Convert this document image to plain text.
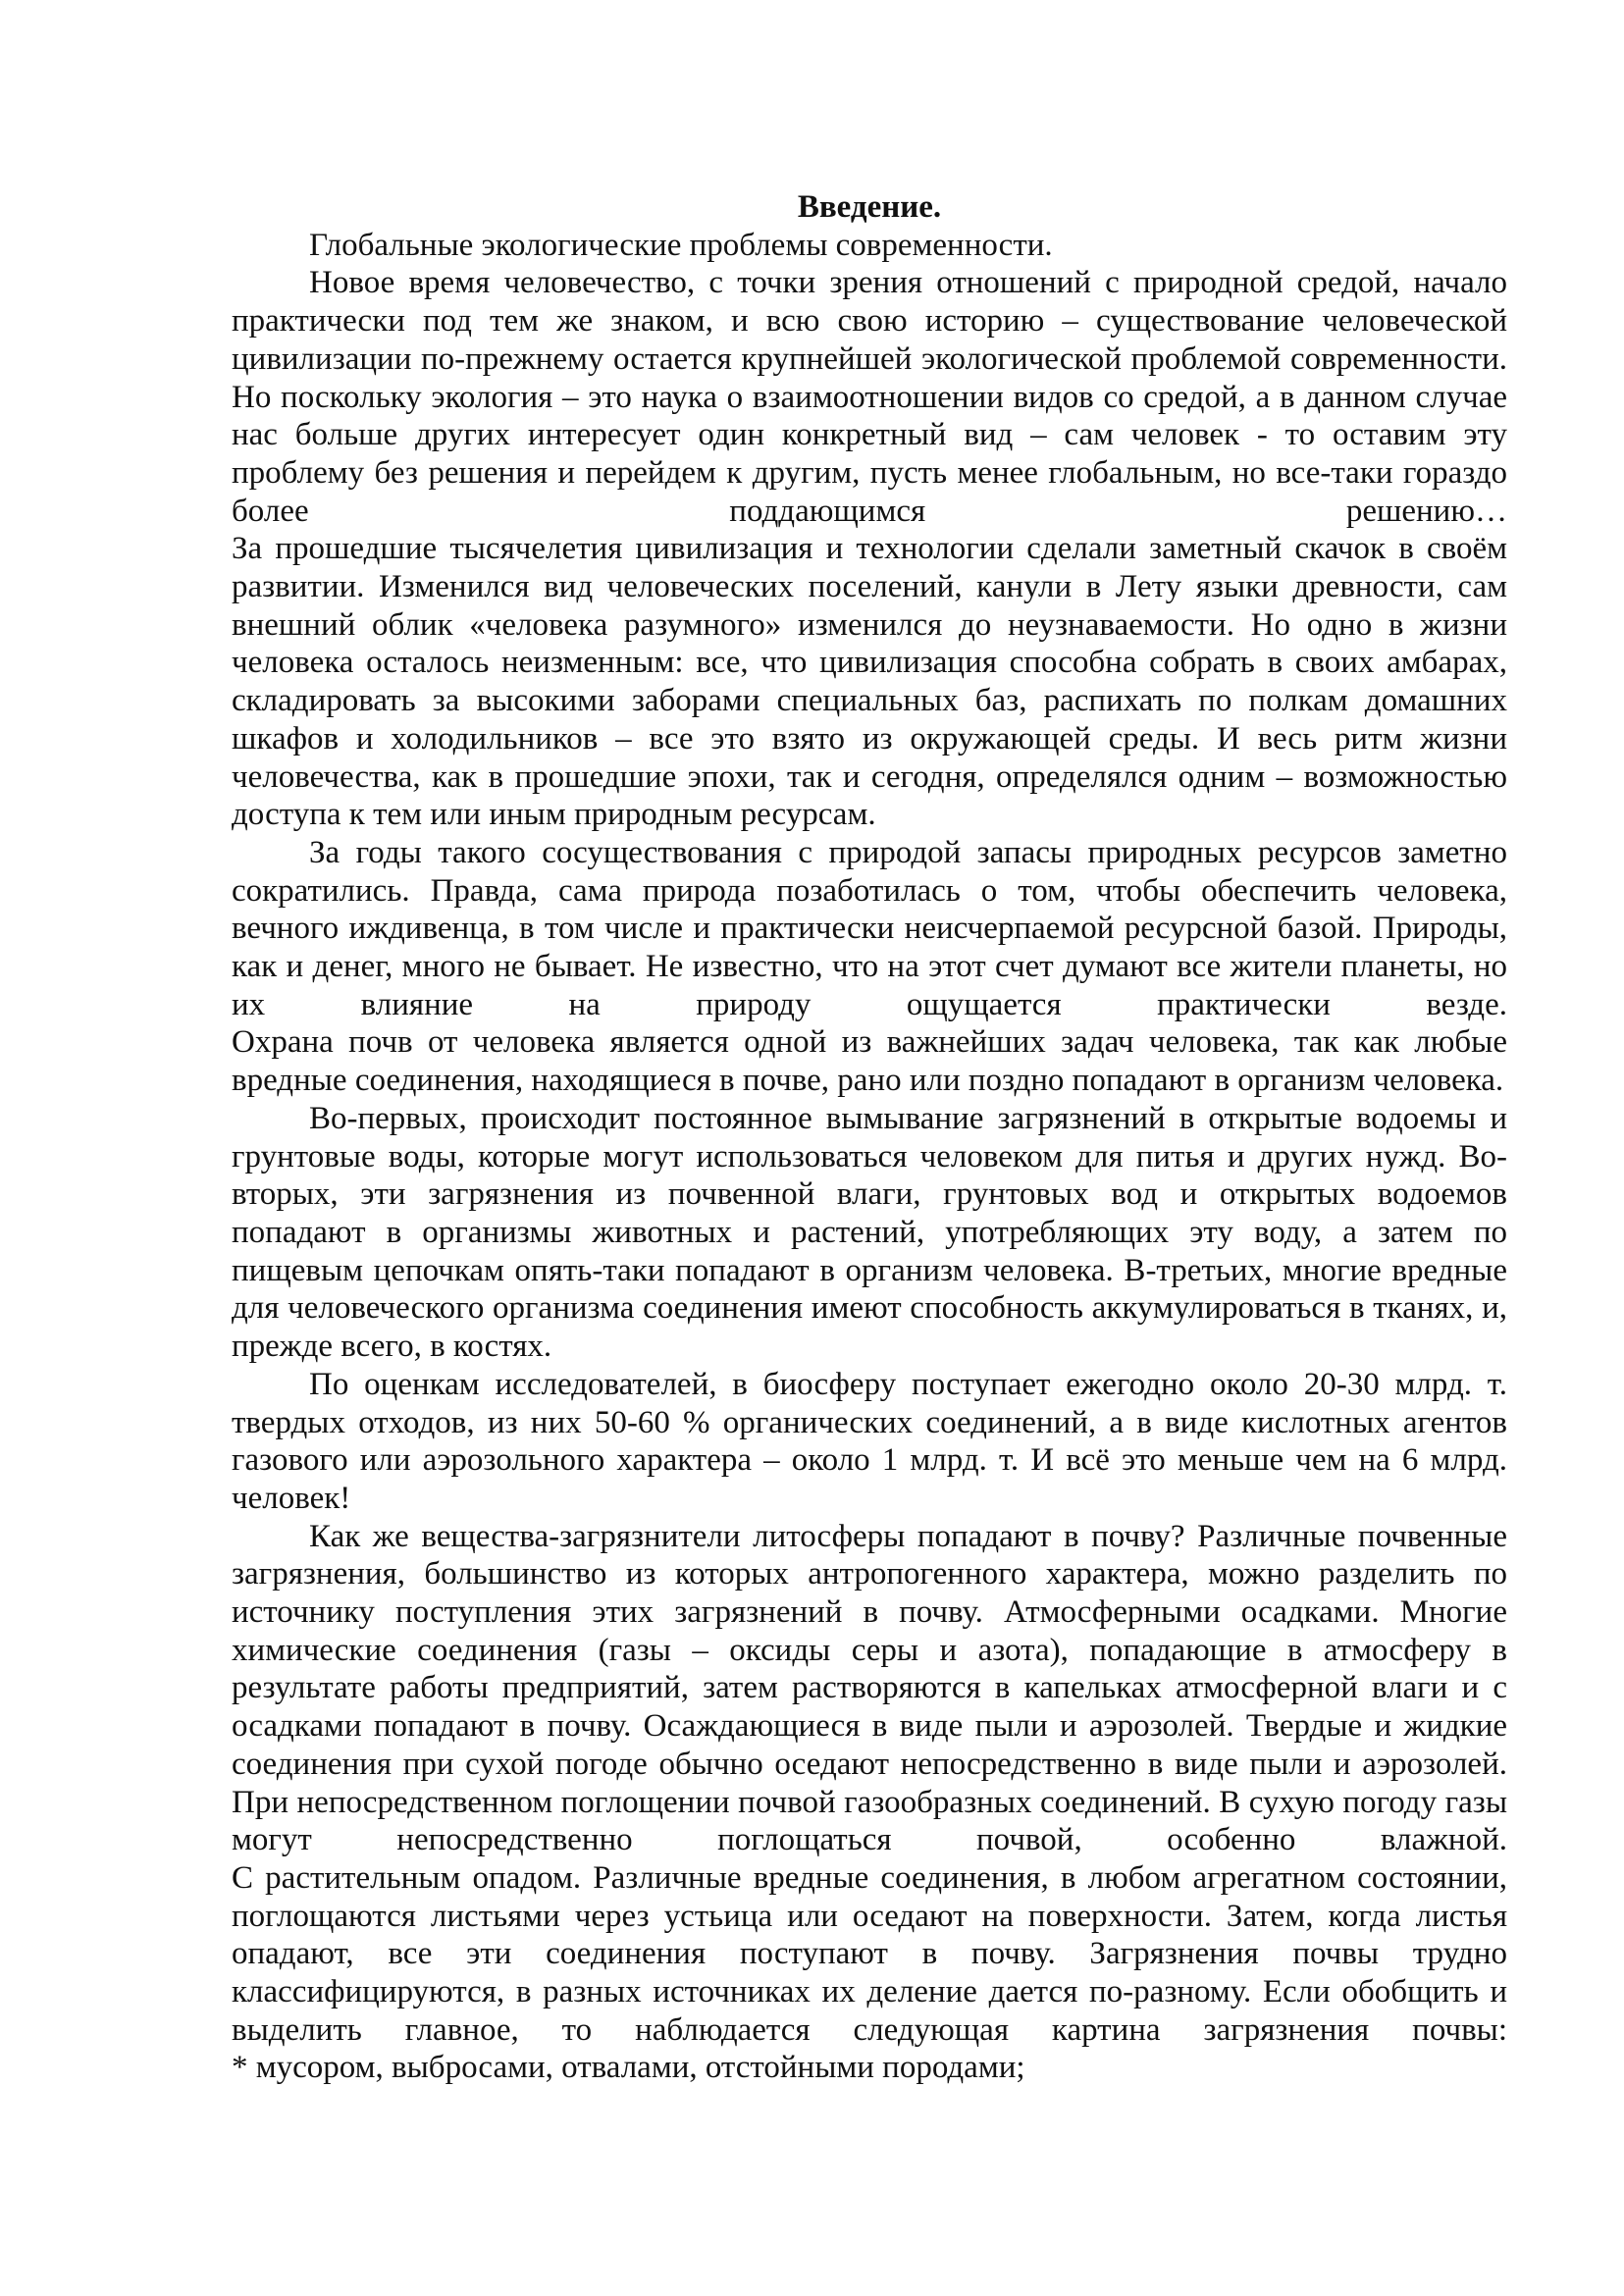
Введение.

Глобальные экологические проблемы современности.

Новое время человечество, с точки зрения отношений с природной средой, начало практически под тем же знаком, и всю свою историю – существование человеческой цивилизации по-прежнему остается крупнейшей экологической проблемой современности. Но поскольку экология – это наука о взаимоотношении видов со средой, а в данном случае нас больше других интересует один конкретный вид – сам человек - то оставим эту проблему без решения и перейдем к другим, пусть менее глобальным, но все-таки гораздо более поддающимся решению…

За прошедшие тысячелетия цивилизация и технологии сделали заметный скачок в своём развитии. Изменился вид человеческих поселений, канули в Лету языки древности, сам внешний облик «человека разумного» изменился до неузнаваемости. Но одно в жизни человека осталось неизменным: все, что цивилизация способна собрать в своих амбарах, складировать за высокими заборами специальных баз, распихать по полкам домашних шкафов и холодильников – все это взято из окружающей среды. И весь ритм жизни человечества, как в прошедшие эпохи, так и сегодня, определялся одним – возможностью доступа к тем или иным природным ресурсам.

За годы такого сосуществования с природой запасы природных ресурсов заметно сократились. Правда, сама природа позаботилась о том, чтобы обеспечить человека, вечного иждивенца, в том числе и практически неисчерпаемой ресурсной базой. Природы, как и денег, много не бывает. Не известно, что на этот счет думают все жители планеты, но их влияние на природу ощущается практически везде.

Охрана почв от человека является одной из важнейших задач человека, так как любые вредные соединения, находящиеся в почве, рано или поздно попадают в организм человека.

Во-первых, происходит постоянное вымывание загрязнений в открытые водоемы и грунтовые воды, которые могут использоваться человеком для питья и других нужд. Во-вторых, эти загрязнения из почвенной влаги, грунтовых вод и открытых водоемов попадают в организмы животных и растений, употребляющих эту воду, а затем по пищевым цепочкам опять-таки попадают в организм человека. В-третьих, многие вредные для человеческого организма соединения имеют способность аккумулироваться в тканях, и, прежде всего, в костях.

По оценкам исследователей, в биосферу поступает ежегодно около 20-30 млрд. т. твердых отходов, из них 50-60 % органических соединений, а в виде кислотных агентов газового или аэрозольного характера – около 1 млрд. т. И всё это меньше чем на 6 млрд. человек!

Как же вещества-загрязнители литосферы попадают в почву? Различные почвенные загрязнения, большинство из которых антропогенного характера, можно разделить по источнику поступления этих загрязнений в почву. Атмосферными осадками. Многие химические соединения (газы – оксиды серы и азота), попадающие в атмосферу в результате работы предприятий, затем растворяются в капельках атмосферной влаги и с осадками попадают в почву. Осаждающиеся в виде пыли и аэрозолей. Твердые и жидкие соединения при сухой погоде обычно оседают непосредственно в виде пыли и аэрозолей. При непосредственном поглощении почвой газообразных соединений. В сухую погоду газы могут непосредственно поглощаться почвой, особенно влажной.

С растительным опадом. Различные вредные соединения, в любом агрегатном состоянии, поглощаются листьями через устьица или оседают на поверхности. Затем, когда листья опадают, все эти соединения поступают в почву. Загрязнения почвы трудно классифицируются, в разных источниках их деление дается по-разному. Если обобщить и выделить главное, то наблюдается следующая картина загрязнения почвы:

* мусором, выбросами, отвалами, отстойными породами;
